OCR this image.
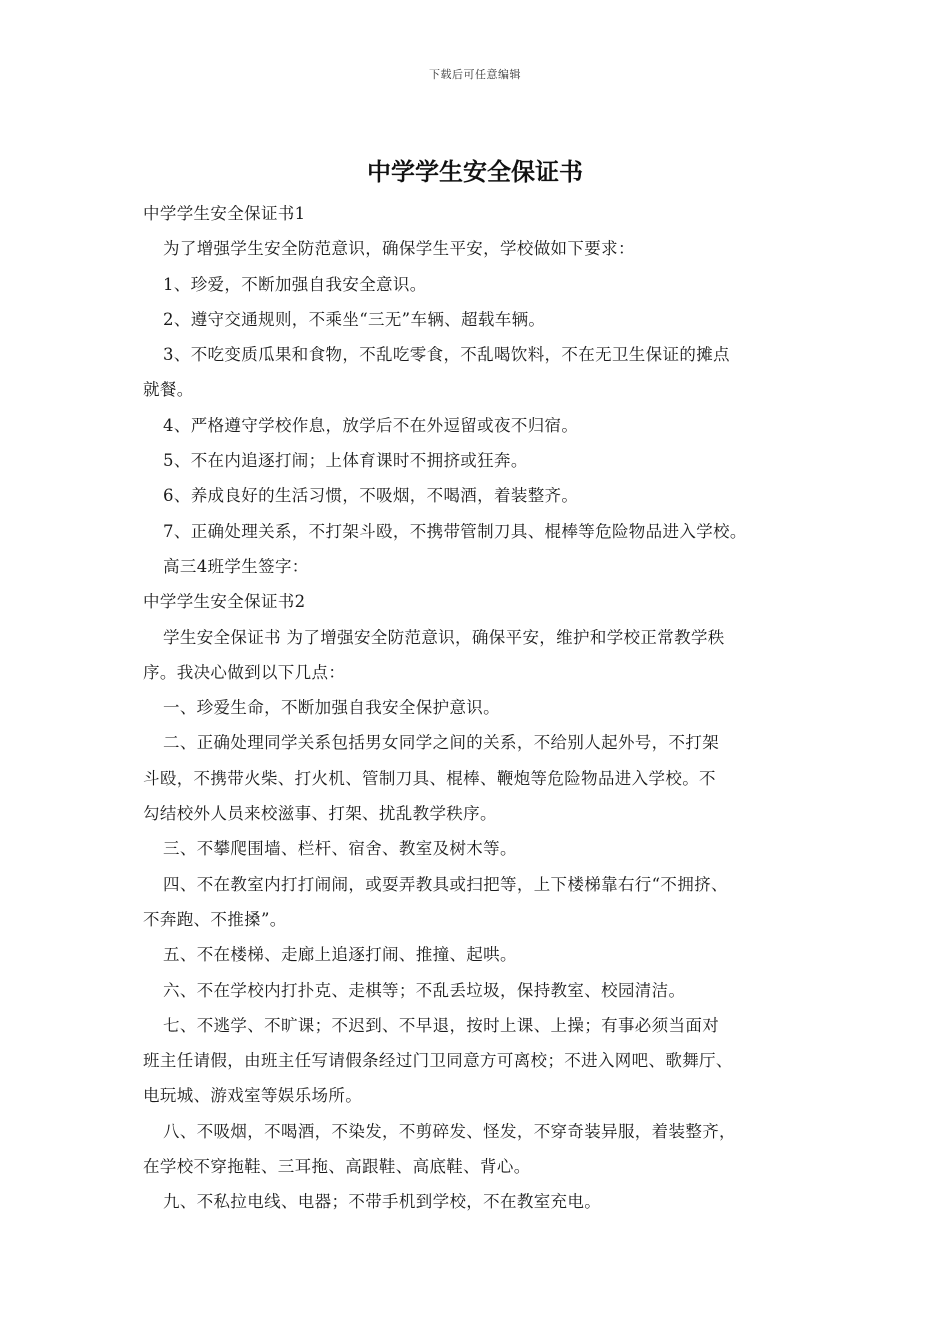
下载后可任意编辑
中学学生安全保证书
中学学生安全保证书1
为了增强学生安全防范意识，确保学生平安，学校做如下要求：
1、珍爱，不断加强自我安全意识。
2、遵守交通规则，不乘坐“三无”车辆、超载车辆。
3、不吃变质瓜果和食物，不乱吃零食，不乱喝饮料，不在无卫生保证的摊点
就餐。
4、严格遵守学校作息，放学后不在外逗留或夜不归宿。
5、不在内追逐打闹；上体育课时不拥挤或狂奔。
6、养成良好的生活习惯，不吸烟，不喝酒，着装整齐。
7、正确处理关系，不打架斗殴，不携带管制刀具、棍棒等危险物品进入学校。
高三4班学生签字：
中学学生安全保证书2
学生安全保证书 为了增强安全防范意识，确保平安，维护和学校正常教学秩
序。我决心做到以下几点：
一、珍爱生命，不断加强自我安全保护意识。
二、正确处理同学关系包括男女同学之间的关系，不给别人起外号，不打架
斗殴，不携带火柴、打火机、管制刀具、棍棒、鞭炮等危险物品进入学校。不
勾结校外人员来校滋事、打架、扰乱教学秩序。
三、不攀爬围墙、栏杆、宿舍、教室及树木等。
四、不在教室内打打闹闹，或耍弄教具或扫把等，上下楼梯靠右行“不拥挤、
不奔跑、不推搡”。
五、不在楼梯、走廊上追逐打闹、推撞、起哄。
六、不在学校内打扑克、走棋等；不乱丢垃圾，保持教室、校园清洁。
七、不逃学、不旷课；不迟到、不早退，按时上课、上操；有事必须当面对
班主任请假，由班主任写请假条经过门卫同意方可离校；不进入网吧、歌舞厅、
电玩城、游戏室等娱乐场所。
八、不吸烟，不喝酒，不染发，不剪碎发、怪发，不穿奇装异服，着装整齐，
在学校不穿拖鞋、三耳拖、高跟鞋、高底鞋、背心。
九、不私拉电线、电器；不带手机到学校，不在教室充电。
